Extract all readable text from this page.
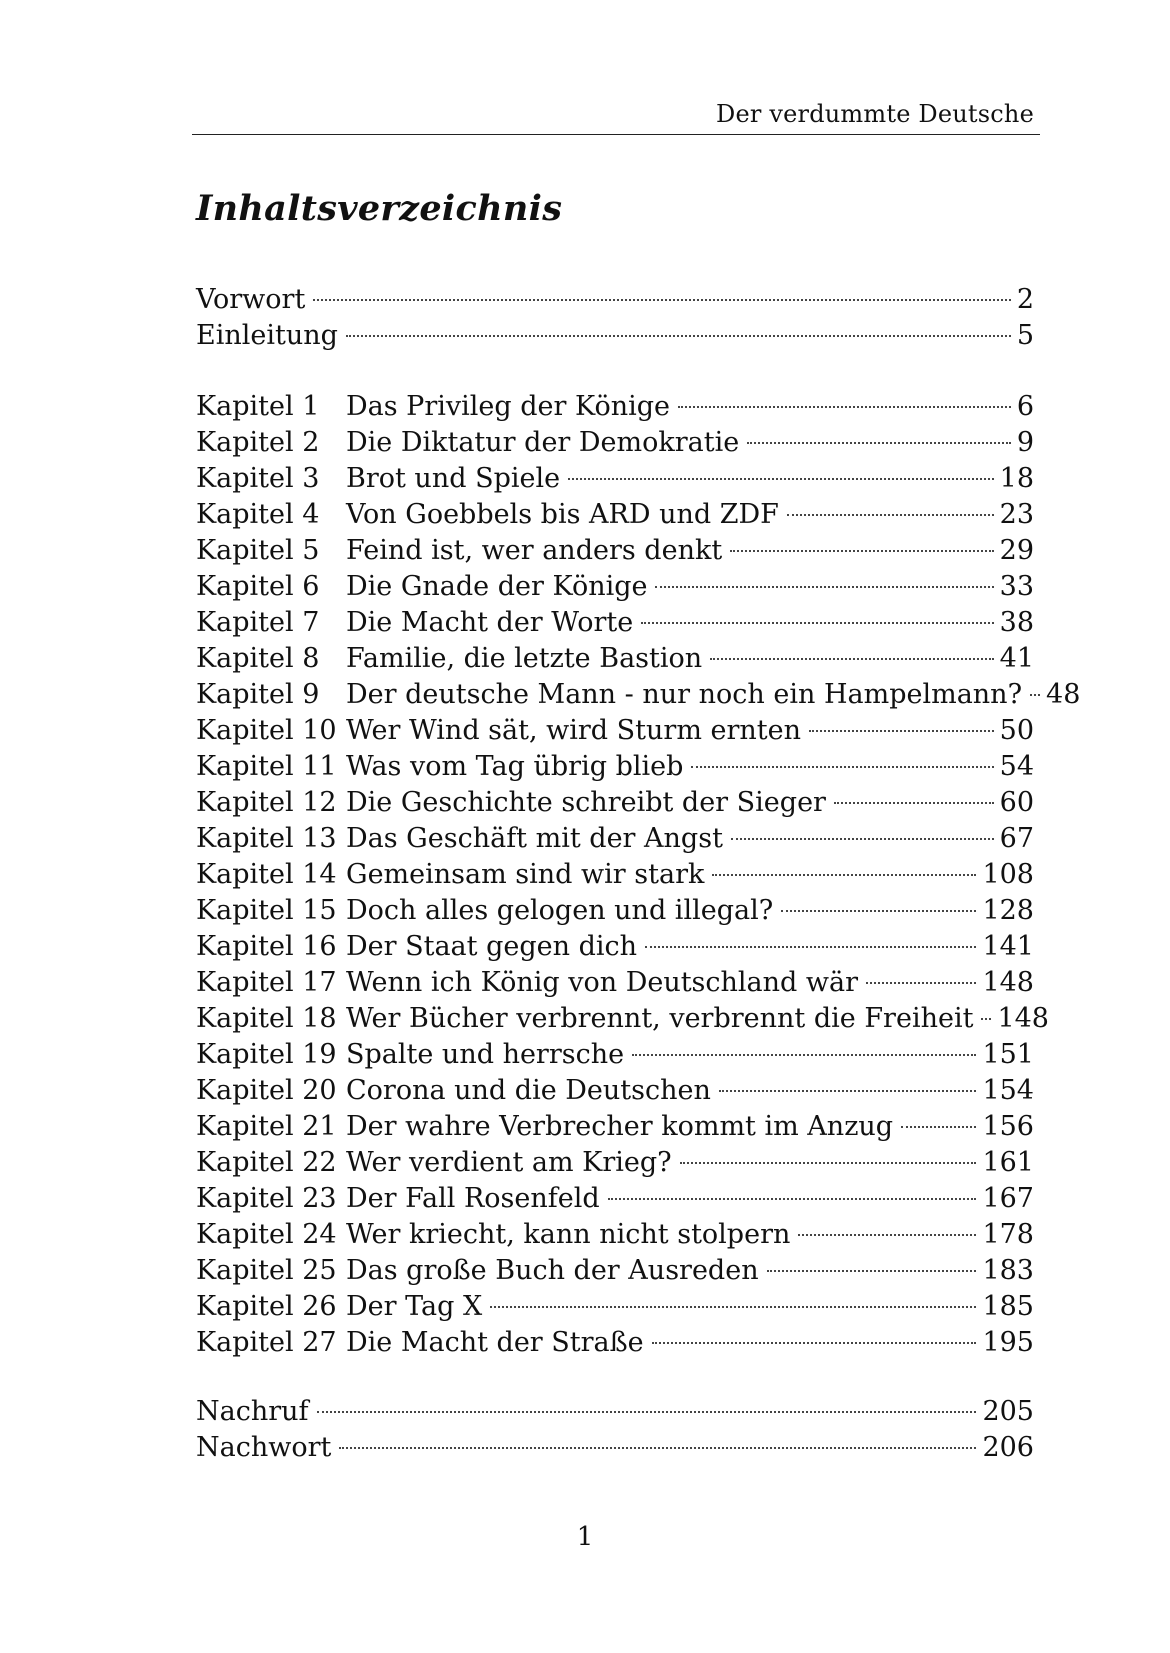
Der verdummte Deutsche
Inhaltsverzeichnis
Vorwort	2
Einleitung	5
Kapitel 1 Das Privileg der Könige	6
Kapitel 2 Die Diktatur der Demokratie	9
Kapitel 3 Brot und Spiele	18
Kapitel 4 Von Goebbels bis ARD und ZDF	23
Kapitel 5 Feind ist, wer anders denkt	29
Kapitel 6 Die Gnade der Könige	33
Kapitel 7 Die Macht der Worte	38
Kapitel 8 Familie, die letzte Bastion	41
Kapitel 9 Der deutsche Mann - nur noch ein Hampelmann? 48
Kapitel 10 Wer Wind sät, wird Sturm ernten	50
Kapitel 11 Was vom Tag übrig blieb	54
Kapitel 12 Die Geschichte schreibt der Sieger	60
Kapitel 13 Das Geschäft mit der Angst	67
Kapitel 14 Gemeinsam sind wir stark	108
Kapitel 15 Doch alles gelogen und illegal?	128
Kapitel 16 Der Staat gegen dich	141
Kapitel 17 Wenn ich König von Deutschland wär	148
Kapitel 18 Wer Bücher verbrennt, verbrennt die Freiheit 148
Kapitel 19 Spalte und herrsche	151
Kapitel 20 Corona und die Deutschen	154
Kapitel 21 Der wahre Verbrecher kommt im Anzug	156
Kapitel 22 Wer verdient am Krieg?	161
Kapitel 23 Der Fall Rosenfeld	167
Kapitel 24 Wer kriecht, kann nicht stolpern	178
Kapitel 25 Das große Buch der Ausreden	183
Kapitel 26 Der Tag X	185
Kapitel 27 Die Macht der Straße	195
Nachruf	205
Nachwort	206
1
